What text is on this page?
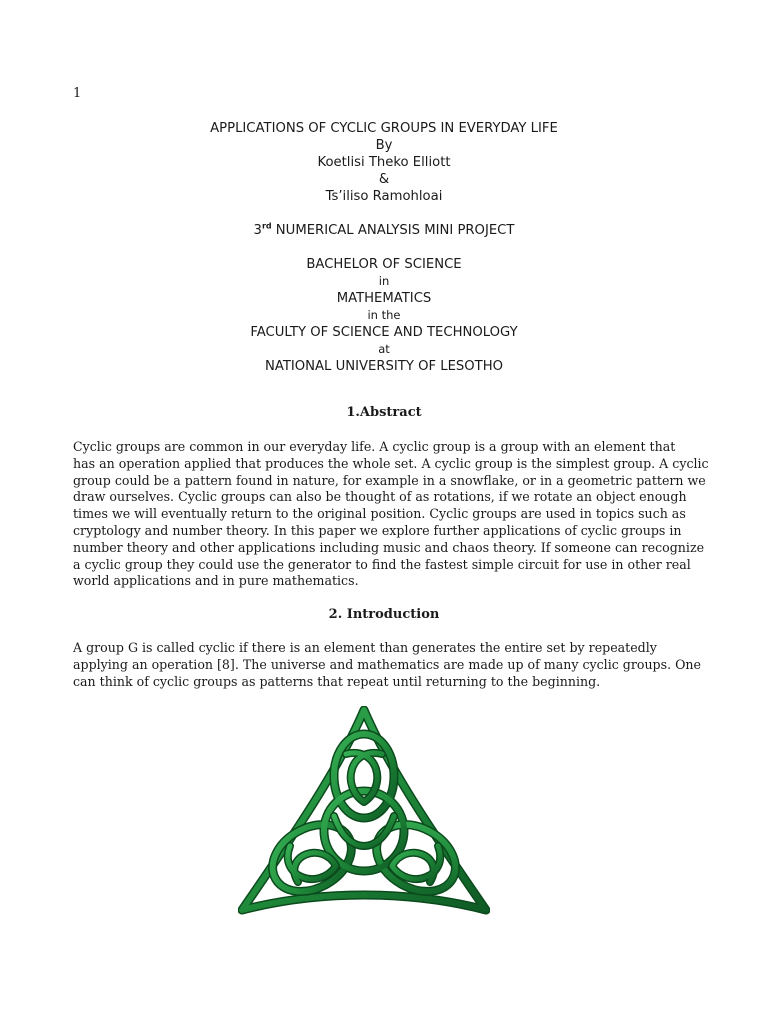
1
APPLICATIONS OF CYCLIC GROUPS IN EVERYDAY LIFE
By
Koetlisi Theko Elliott
&
Ts’iliso Ramohloai
3rd NUMERICAL ANALYSIS MINI PROJECT
BACHELOR OF SCIENCE
in
MATHEMATICS
in the
FACULTY OF SCIENCE AND TECHNOLOGY
at
NATIONAL UNIVERSITY OF LESOTHO
1.Abstract
Cyclic groups are common in our everyday life. A cyclic group is a group with an element that
has an operation applied that produces the whole set. A cyclic group is the simplest group. A cyclic
group could be a pattern found in nature, for example in a snowflake, or in a geometric pattern we
draw ourselves. Cyclic groups can also be thought of as rotations, if we rotate an object enough
times we will eventually return to the original position. Cyclic groups are used in topics such as
cryptology and number theory. In this paper we explore further applications of cyclic groups in
number theory and other applications including music and chaos theory. If someone can recognize
a cyclic group they could use the generator to find the fastest simple circuit for use in other real
world applications and in pure mathematics.
2. Introduction
A group G is called cyclic if there is an element than generates the entire set by repeatedly
applying an operation [8]. The universe and mathematics are made up of many cyclic groups. One
can think of cyclic groups as patterns that repeat until returning to the beginning.
